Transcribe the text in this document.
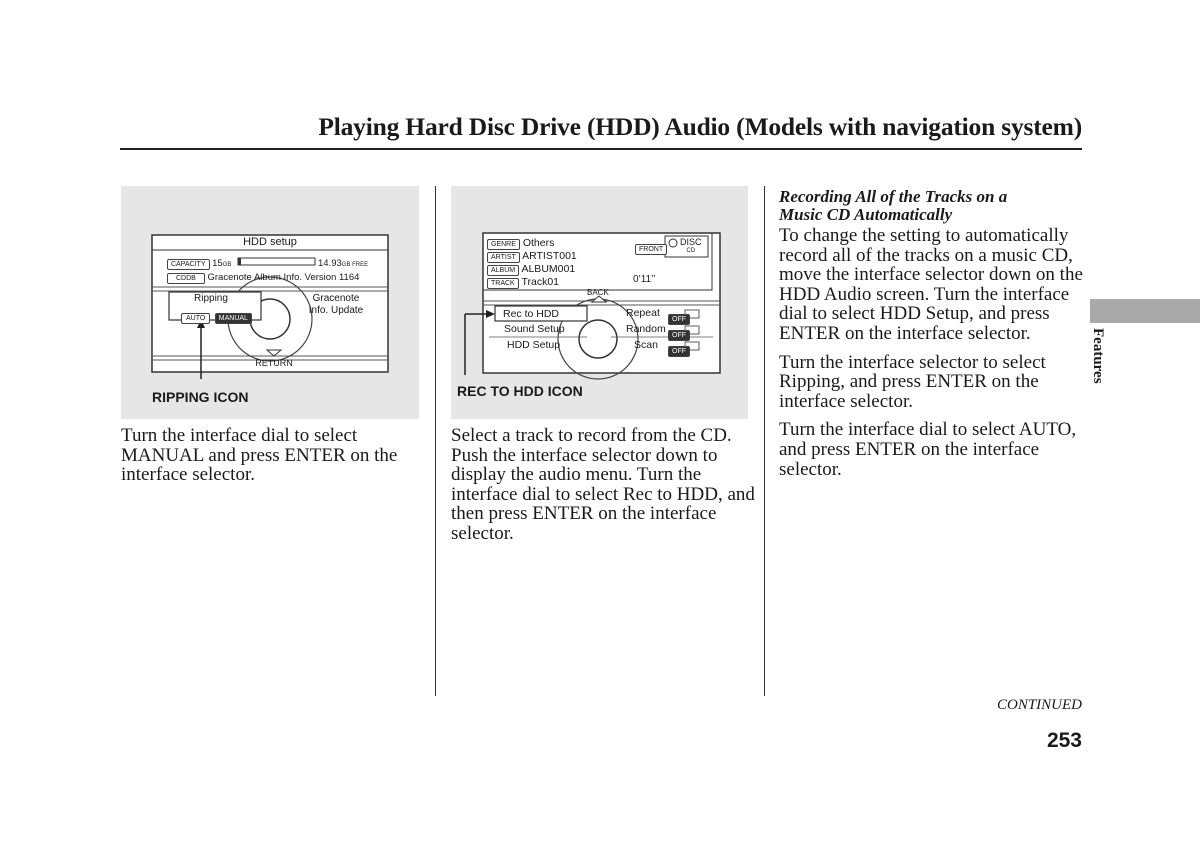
Playing Hard Disc Drive (HDD) Audio (Models with navigation system)
Features
HDD setup
CAPACITY 15GB	14.93GB FREE
CDDB Gracenote Album Info. Version 1164
Ripping
AUTO MANUAL
Gracenote
Info. Update
RETURN
RIPPING ICON
GENRE Others
ARTIST ARTIST001
ALBUM ALBUM001
TRACK Track01	0’11’’
FRONT
DISC
CD
BACK
Rec to HDD
Sound Setup
HDD Setup
Repeat
Random
Scan
OFF
OFF
OFF
REC TO HDD ICON
Turn the interface dial to select MANUAL and press ENTER on the interface selector.
Select a track to record from the CD. Push the interface selector down to display the audio menu. Turn the interface dial to select Rec to HDD, and then press ENTER on the interface selector.
Recording All of the Tracks on a
Music CD Automatically
To change the setting to automatically record all of the tracks on a music CD, move the interface selector down on the HDD Audio screen. Turn the interface dial to select HDD Setup, and press ENTER on the interface selector.
Turn the interface selector to select Ripping, and press ENTER on the interface selector.
Turn the interface dial to select AUTO, and press ENTER on the interface selector.
CONTINUED
253
